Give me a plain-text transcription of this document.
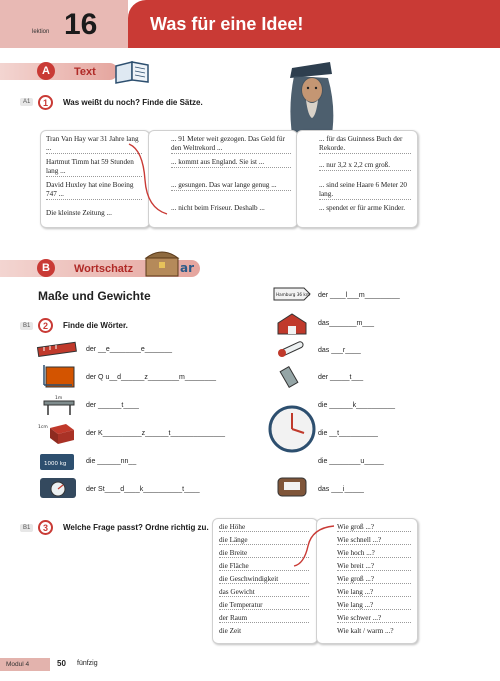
lektion 16	Was für eine Idee!
A	Text
A1	1	Was weißt du noch? Finde die Sätze.
Tran Van Hay war 31 Jahre lang ...
Hartmut Timm hat 59 Stunden lang ...
David Huxley hat eine Boeing 747 ...
Die kleinste Zeitung ...
... 91 Meter weit gezogen. Das Geld für den Weltrekord ...
... kommt aus England. Sie ist ...
... gesungen. Das war lange genug ...
... nicht beim Friseur. Deshalb ...
... für das Guinness Buch der Rekorde.
... nur 3,2 x 2,2 cm groß.
... sind seine Haare 6 Meter 20 lang.
... spendet er für arme Kinder.
B	Wortschatz	ar
Maße und Gewichte
B1	2	Finde die Wörter.
1m
1cm
1000 kg
der __e________e_______
der Q u__d______z________m________
der ______t____
der K__________z______t______________
die ______nn__
der St____d____k__________t____
Hamburg 36 km der ____l___m_________
das_______m___
das ___r____
der _____t___
die ______k__________
die __t__________
die ________u_____
das ___i_____
B1	3	Welche Frage passt? Ordne richtig zu. die Höhe
die Länge
die Breite
die Fläche
die Geschwindigkeit
das Gewicht
die Temperatur
der Raum
die Zeit
Wie groß ...?
Wie schnell ...?
Wie hoch ...?
Wie breit ...?
Wie groß ...?
Wie lang ...?
Wie lang ...?
Wie schwer ...?
Wie kalt / warm ...?
Modul 4	50 fünfzig
